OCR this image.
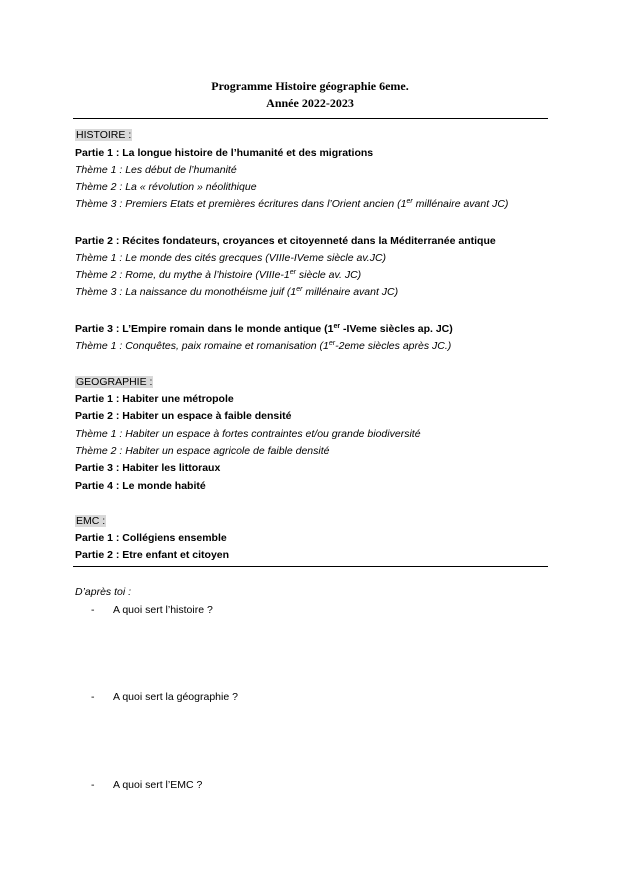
Programme Histoire géographie 6eme.
Année 2022-2023
HISTOIRE :
Partie 1 : La longue histoire de l’humanité et des migrations
Thème 1 : Les début de l’humanité
Thème 2 : La « révolution » néolithique
Thème 3 : Premiers Etats et premières écritures dans l’Orient ancien (1er millénaire avant JC)
Partie 2 : Récites fondateurs, croyances et citoyenneté dans la Méditerranée antique
Thème 1 : Le monde des cités grecques (VIIIe-IVeme siècle av.JC)
Thème 2 : Rome, du mythe à l’histoire (VIIIe-1er siècle av. JC)
Thème 3 : La naissance du monothéisme juif (1er millénaire avant JC)
Partie 3 : L’Empire romain dans le monde antique (1er -IVeme siècles ap. JC)
Thème 1 : Conquêtes, paix romaine et romanisation (1er-2eme siècles après JC.)
GEOGRAPHIE :
Partie 1 : Habiter une métropole
Partie 2 : Habiter un espace à faible densité
Thème 1 : Habiter un espace à fortes contraintes et/ou grande biodiversité
Thème 2 : Habiter un espace agricole de faible densité
Partie 3 : Habiter les littoraux
Partie 4 : Le monde habité
EMC :
Partie 1 : Collégiens ensemble
Partie 2 : Etre enfant et citoyen
D’après toi :
- A quoi sert l’histoire ?
- A quoi sert la géographie ?
- A quoi sert l’EMC ?
